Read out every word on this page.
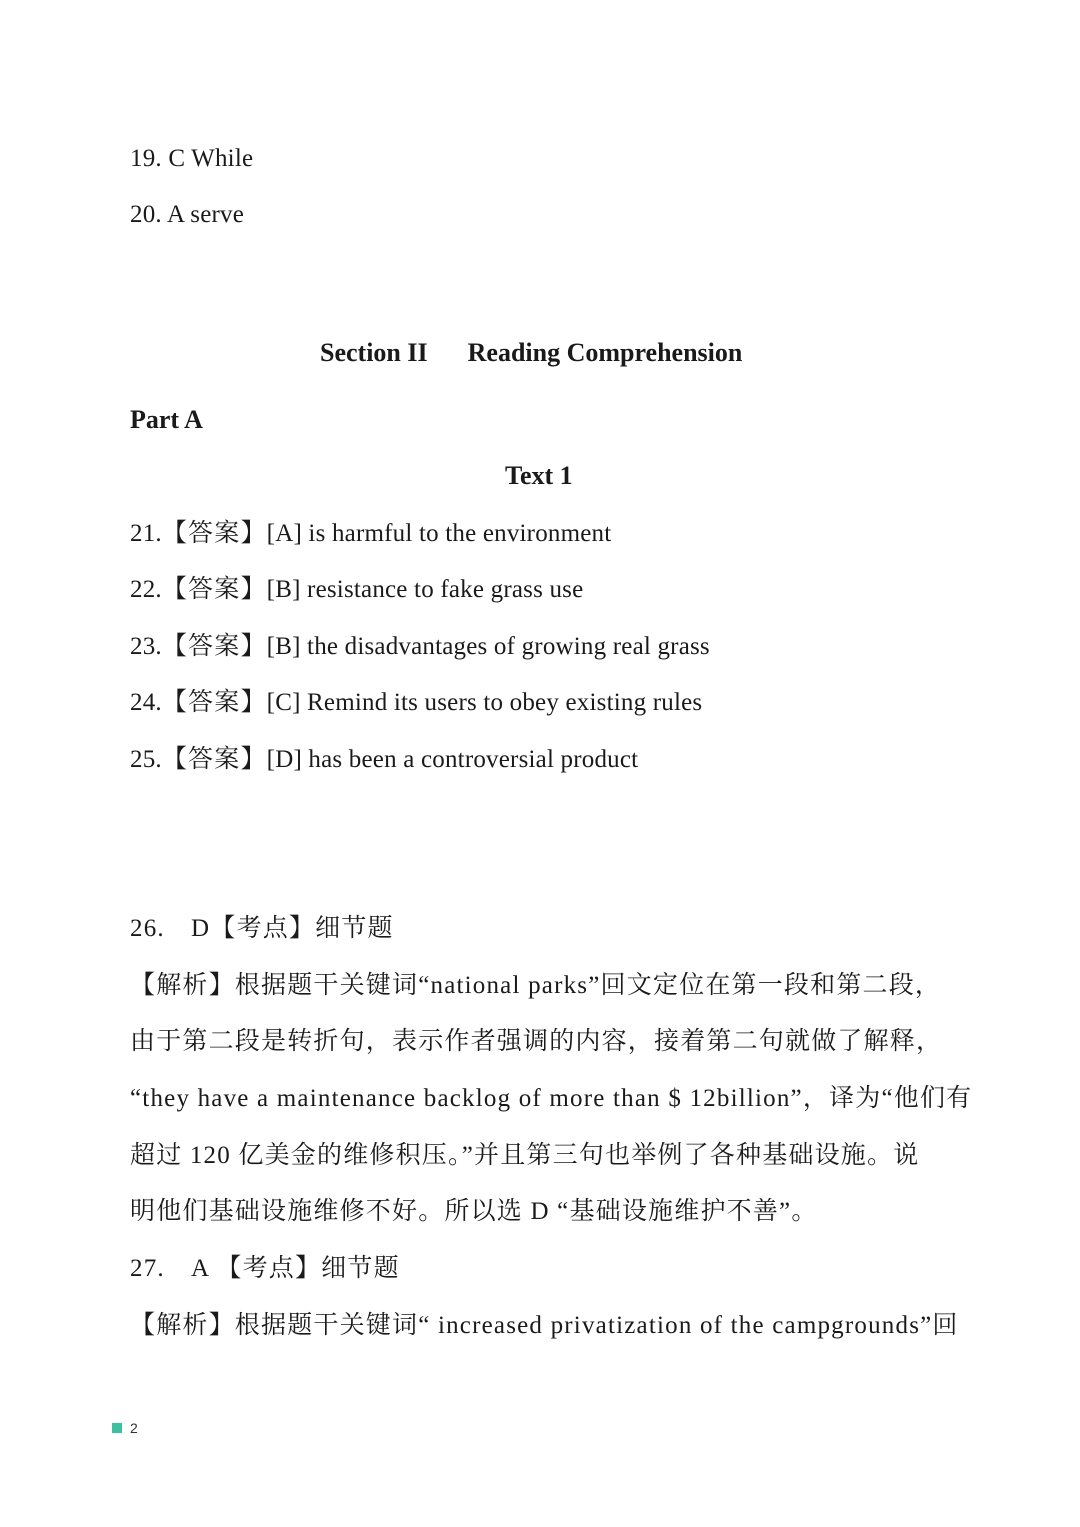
19. C While
20. A serve
Section II Reading Comprehension
Part A
Text 1
21.【答案】[A] is harmful to the environment
22.【答案】[B] resistance to fake grass use
23.【答案】[B] the disadvantages of growing real grass
24.【答案】[C] Remind its users to obey existing rules
25.【答案】[D] has been a controversial product
26.　D【考点】细节题
【解析】根据题干关键词“national parks”回文定位在第一段和第二段，
由于第二段是转折句，表示作者强调的内容，接着第二句就做了解释，
“they have a maintenance backlog of more than $ 12billion”，译为“他们有
超过 120 亿美金的维修积压。”并且第三句也举例了各种基础设施。说
明他们基础设施维修不好。所以选 D “基础设施维护不善”。
27.　A 【考点】细节题
【解析】根据题干关键词“ increased privatization of the campgrounds”回
2
